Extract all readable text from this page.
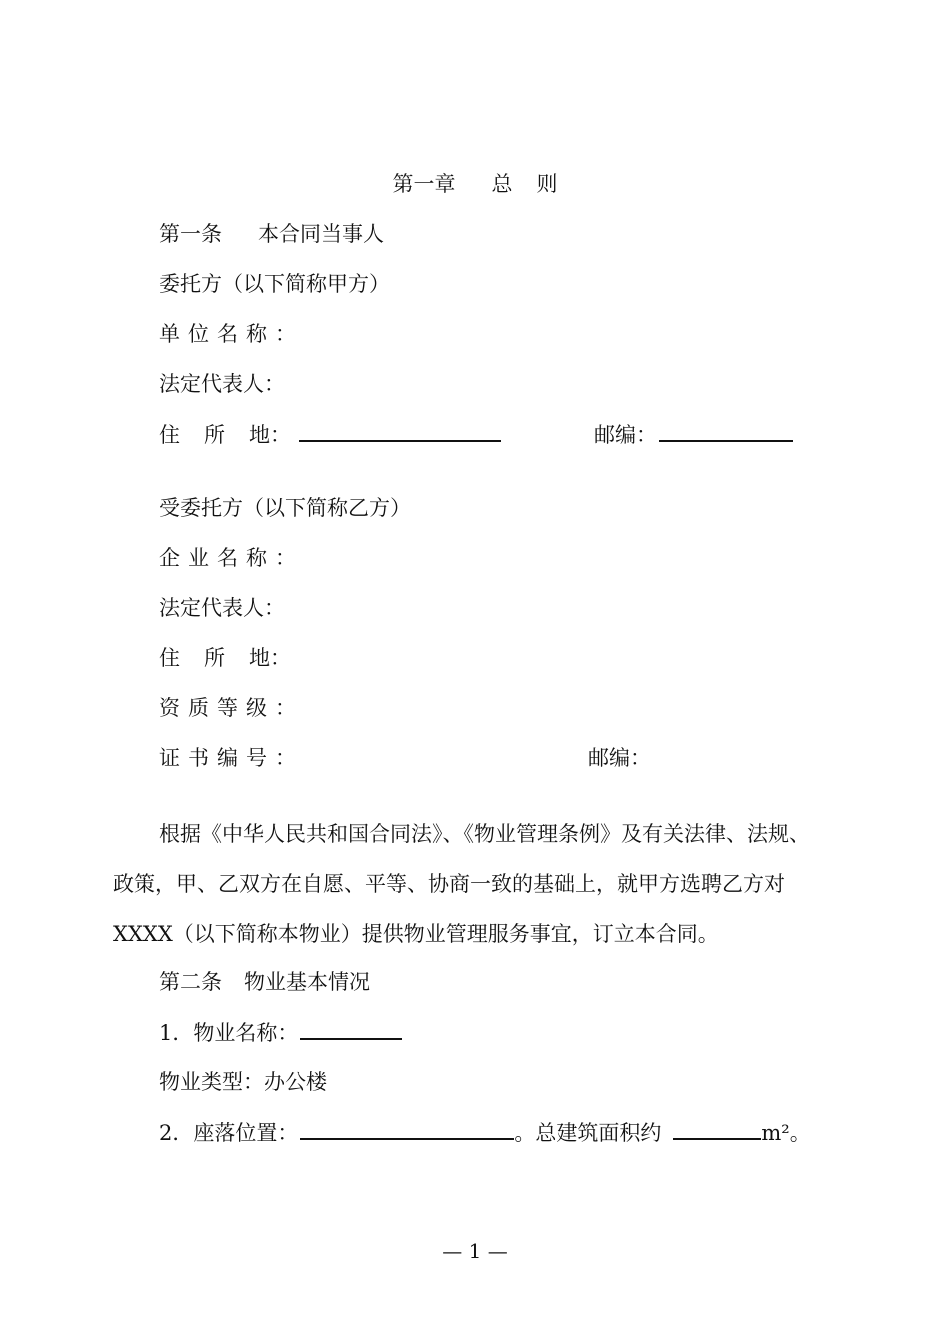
第一章 总 则
第一条 本合同当事人
委托方（以下简称甲方）
单位名称：
法定代表人：
住 所 地：	邮编：
受委托方（以下简称乙方）
企业名称：
法定代表人：
住 所 地：
资质等级：
证书编号：	邮编：
根据《中华人民共和国合同法》、《物业管理条例》及有关法律、法规、
政策，甲、乙双方在自愿、平等、协商一致的基础上，就甲方选聘乙方对
XXXX（以下简称本物业）提供物业管理服务事宜，订立本合同。
第二条 物业基本情况
1．物业名称：
物业类型：办公楼
2．座落位置：	。总建筑面积约	m²。
— 1 —
